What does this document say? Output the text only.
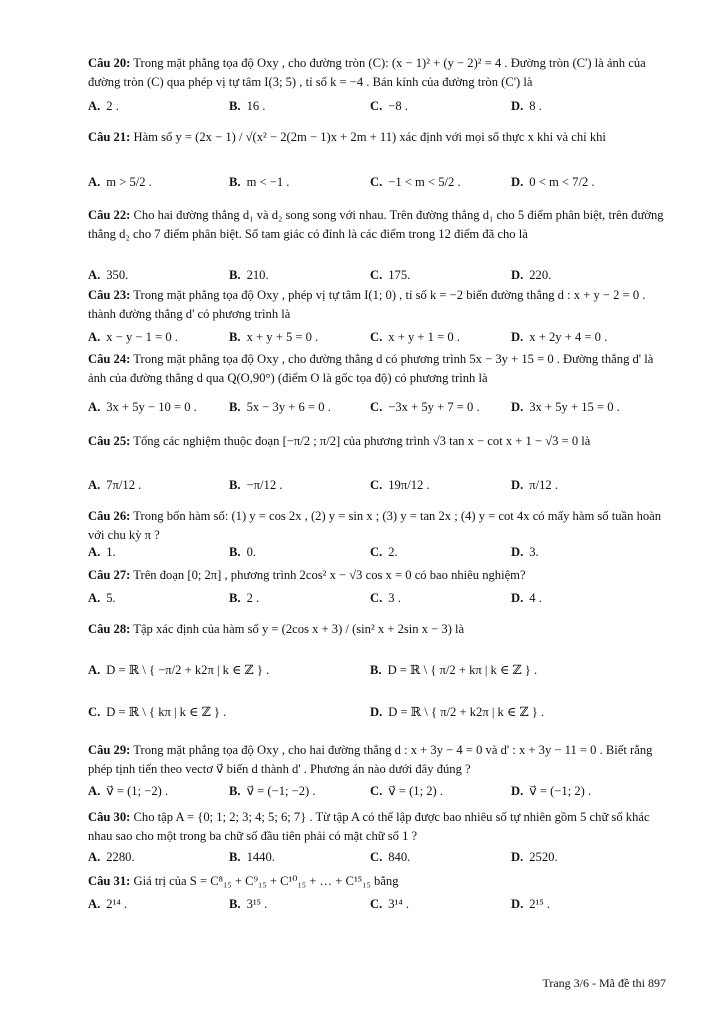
Câu 20: Trong mặt phẳng tọa độ Oxy , cho đường tròn (C): (x − 1)² + (y − 2)² = 4 . Đường tròn (C') là ảnh của đường tròn (C) qua phép vị tự tâm I(3; 5) , tỉ số k = −4 . Bán kính của đường tròn (C') là

A. 2 .	B. 16 .	C. −8 .	D. 8 .

Câu 21: Hàm số y = (2x − 1) / √(x² − 2(2m − 1)x + 2m + 11) xác định với mọi số thực x khi và chỉ khi

A. m > 5/2 .	B. m < −1 .	C. −1 < m < 5/2 .	D. 0 < m < 7/2 .

Câu 22: Cho hai đường thẳng d₁ và d₂ song song với nhau. Trên đường thẳng d₁ cho 5 điểm phân biệt, trên đường thẳng d₂ cho 7 điểm phân biệt. Số tam giác có đỉnh là các điểm trong 12 điểm đã cho là

A. 350.	B. 210.	C. 175.	D. 220.

Câu 23: Trong mặt phẳng tọa độ Oxy , phép vị tự tâm I(1; 0) , tỉ số k = −2 biến đường thẳng d : x + y − 2 = 0 . thành đường thẳng d' có phương trình là

A. x − y − 1 = 0 .	B. x + y + 5 = 0 .	C. x + y + 1 = 0 .	D. x + 2y + 4 = 0 .

Câu 24: Trong mặt phẳng tọa độ Oxy , cho đường thẳng d có phương trình 5x − 3y + 15 = 0 . Đường thẳng d' là ảnh của đường thẳng d qua Q(O,90°) (điểm O là gốc tọa độ) có phương trình là

A. 3x + 5y − 10 = 0 .	B. 5x − 3y + 6 = 0 .	C. −3x + 5y + 7 = 0 . D. 3x + 5y + 15 = 0 .

Câu 25: Tổng các nghiệm thuộc đoạn [−π/2 ; π/2] của phương trình √3 tan x − cot x + 1 − √3 = 0 là

A. 7π/12 .	B. −π/12 .	C. 19π/12 .	D. π/12 .

Câu 26: Trong bốn hàm số: (1) y = cos 2x , (2) y = sin x ; (3) y = tan 2x ; (4) y = cot 4x có mấy hàm số tuần hoàn với chu kỳ π ?

A. 1.	B. 0.	C. 2.	D. 3.

Câu 27: Trên đoạn [0; 2π] , phương trình 2cos² x − √3 cos x = 0 có bao nhiêu nghiệm?

A. 5.	B. 2 .	C. 3 .	D. 4 .

Câu 28: Tập xác định của hàm số y = (2cos x + 3) / (sin² x + 2sin x − 3) là

A. D = ℝ \ { −π/2 + k2π | k ∈ ℤ } .	B. D = ℝ \ { π/2 + kπ | k ∈ ℤ } .
C. D = ℝ \ { kπ | k ∈ ℤ } .	D. D = ℝ \ { π/2 + k2π | k ∈ ℤ } .

Câu 29: Trong mặt phẳng tọa độ Oxy , cho hai đường thẳng d : x + 3y − 4 = 0 và d' : x + 3y − 11 = 0 . Biết rằng phép tịnh tiến theo vectơ v⃗ biến d thành d' . Phương án nào dưới đây đúng ?

A. v⃗ = (1; −2) .	B. v⃗ = (−1; −2) .	C. v⃗ = (1; 2) .	D. v⃗ = (−1; 2) .

Câu 30: Cho tập A = {0; 1; 2; 3; 4; 5; 6; 7} . Từ tập A có thể lập được bao nhiêu số tự nhiên gồm 5 chữ số khác nhau sao cho một trong ba chữ số đầu tiên phải có mặt chữ số 1 ?

A. 2280.	B. 1440.	C. 840.	D. 2520.

Câu 31: Giá trị của S = C⁸₁₅ + C⁹₁₅ + C¹⁰₁₅ + … + C¹⁵₁₅ bằng

A. 2¹⁴ .	B. 3¹⁵ .	C. 3¹⁴ .	D. 2¹⁵ .
Trang 3/6 - Mã đề thi 897
